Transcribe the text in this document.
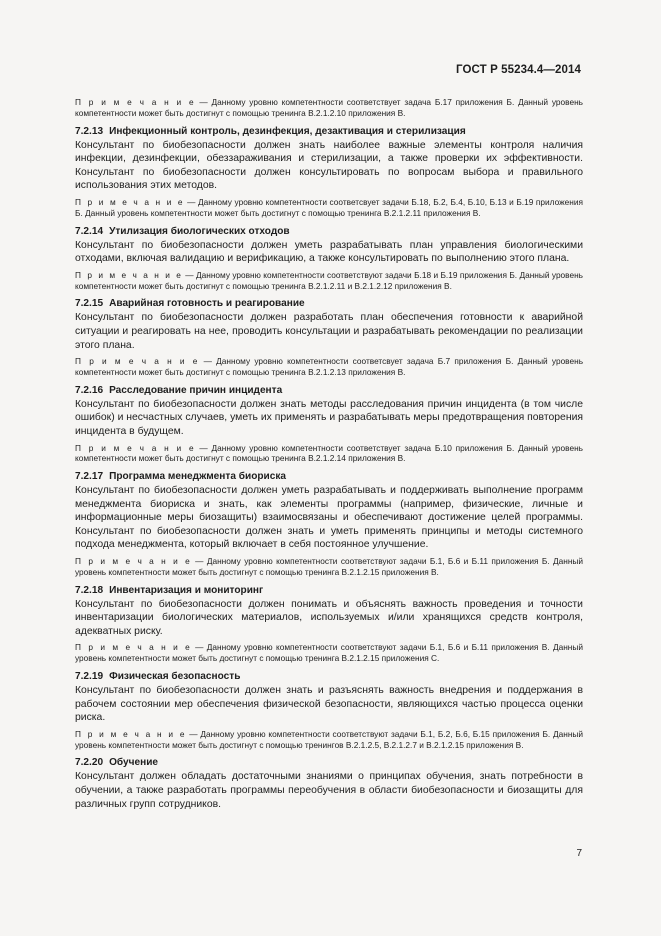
ГОСТ Р 55234.4—2014

П р и м е ч а н и е — Данному уровню компетентности соответствует задача Б.17 приложения Б. Данный уровень компетентности может быть достигнут с помощью тренинга В.2.1.2.10 приложения В.

7.2.13 Инфекционный контроль, дезинфекция, дезактивация и стерилизация

Консультант по биобезопасности должен знать наиболее важные элементы контроля наличия инфекции, дезинфекции, обеззараживания и стерилизации, а также проверки их эффективности. Консультант по биобезопасности должен консультировать по вопросам выбора и правильного использования этих методов.

П р и м е ч а н и е — Данному уровню компетентности соответсвует задачи Б.18, Б.2, Б.4, Б.10, Б.13 и Б.19 приложения Б. Данный уровень компетентности может быть достигнут с помощью тренинга В.2.1.2.11 приложения В.

7.2.14 Утилизация биологических отходов

Консультант по биобезопасности должен уметь разрабатывать план управления биологическими отходами, включая валидацию и верификацию, а также консультировать по выполнению этого плана.

П р и м е ч а н и е — Данному уровню компетентности соответствуют задачи Б.18 и Б.19 приложения Б. Данный уровень компетентности может быть достигнут с помощью тренинга В.2.1.2.11 и В.2.1.2.12 приложения В.

7.2.15 Аварийная готовность и реагирование

Консультант по биобезопасности должен разработать план обеспечения готовности к аварийной ситуации и реагировать на нее, проводить консультации и разрабатывать рекомендации по реализации этого плана.

П р и м е ч а н и е — Данному уровню компетентности соответсвует задача Б.7 приложения Б. Данный уровень компетентности может быть достигнут с помощью тренинга В.2.1.2.13 приложения В.

7.2.16 Расследование причин инцидента

Консультант по биобезопасности должен знать методы расследования причин инцидента (в том числе ошибок) и несчастных случаев, уметь их применять и разрабатывать меры предотвращения повторения инцидента в будущем.

П р и м е ч а н и е — Данному уровню компетентности соответствует задача Б.10 приложения Б. Данный уровень компетентности может быть достигнут с помощью тренинга В.2.1.2.14 приложения В.

7.2.17 Программа менеджмента биориска

Консультант по биобезопасности должен уметь разрабатывать и поддерживать выполнение программ менеджмента биориска и знать, как элементы программы (например, физические, личные и информационные меры биозащиты) взаимосвязаны и обеспечивают достижение целей программы. Консультант по биобезопасности должен знать и уметь применять принципы и методы системного подхода менеджмента, который включает в себя постоянное улучшение.

П р и м е ч а н и е — Данному уровню компетентности соответствуют задачи Б.1, Б.6 и Б.11 приложения Б. Данный уровень компетентности может быть достигнут с помощью тренинга В.2.1.2.15 приложения В.

7.2.18 Инвентаризация и мониторинг

Консультант по биобезопасности должен понимать и объяснять важность проведения и точности инвентаризации биологических материалов, используемых и/или хранящихся средств контроля, адекватных риску.

П р и м е ч а н и е — Данному уровню компетентности соответствуют задачи Б.1, Б.6 и Б.11 приложения В. Данный уровень компетентности может быть достигнут с помощью тренинга В.2.1.2.15 приложения С.

7.2.19 Физическая безопасность

Консультант по биобезопасности должен знать и разъяснять важность внедрения и поддержания в рабочем состоянии мер обеспечения физической безопасности, являющихся частью процесса оценки риска.

П р и м е ч а н и е — Данному уровню компетентности соответствуют задачи Б.1, Б.2, Б.6, Б.15 приложения Б. Данный уровень компетентности может быть достигнут с помощью тренингов В.2.1.2.5, В.2.1.2.7 и В.2.1.2.15 приложения В.

7.2.20 Обучение

Консультант должен обладать достаточными знаниями о принципах обучения, знать потребности в обучении, а также разработать программы переобучения в области биобезопасности и биозащиты для различных групп сотрудников.

7
